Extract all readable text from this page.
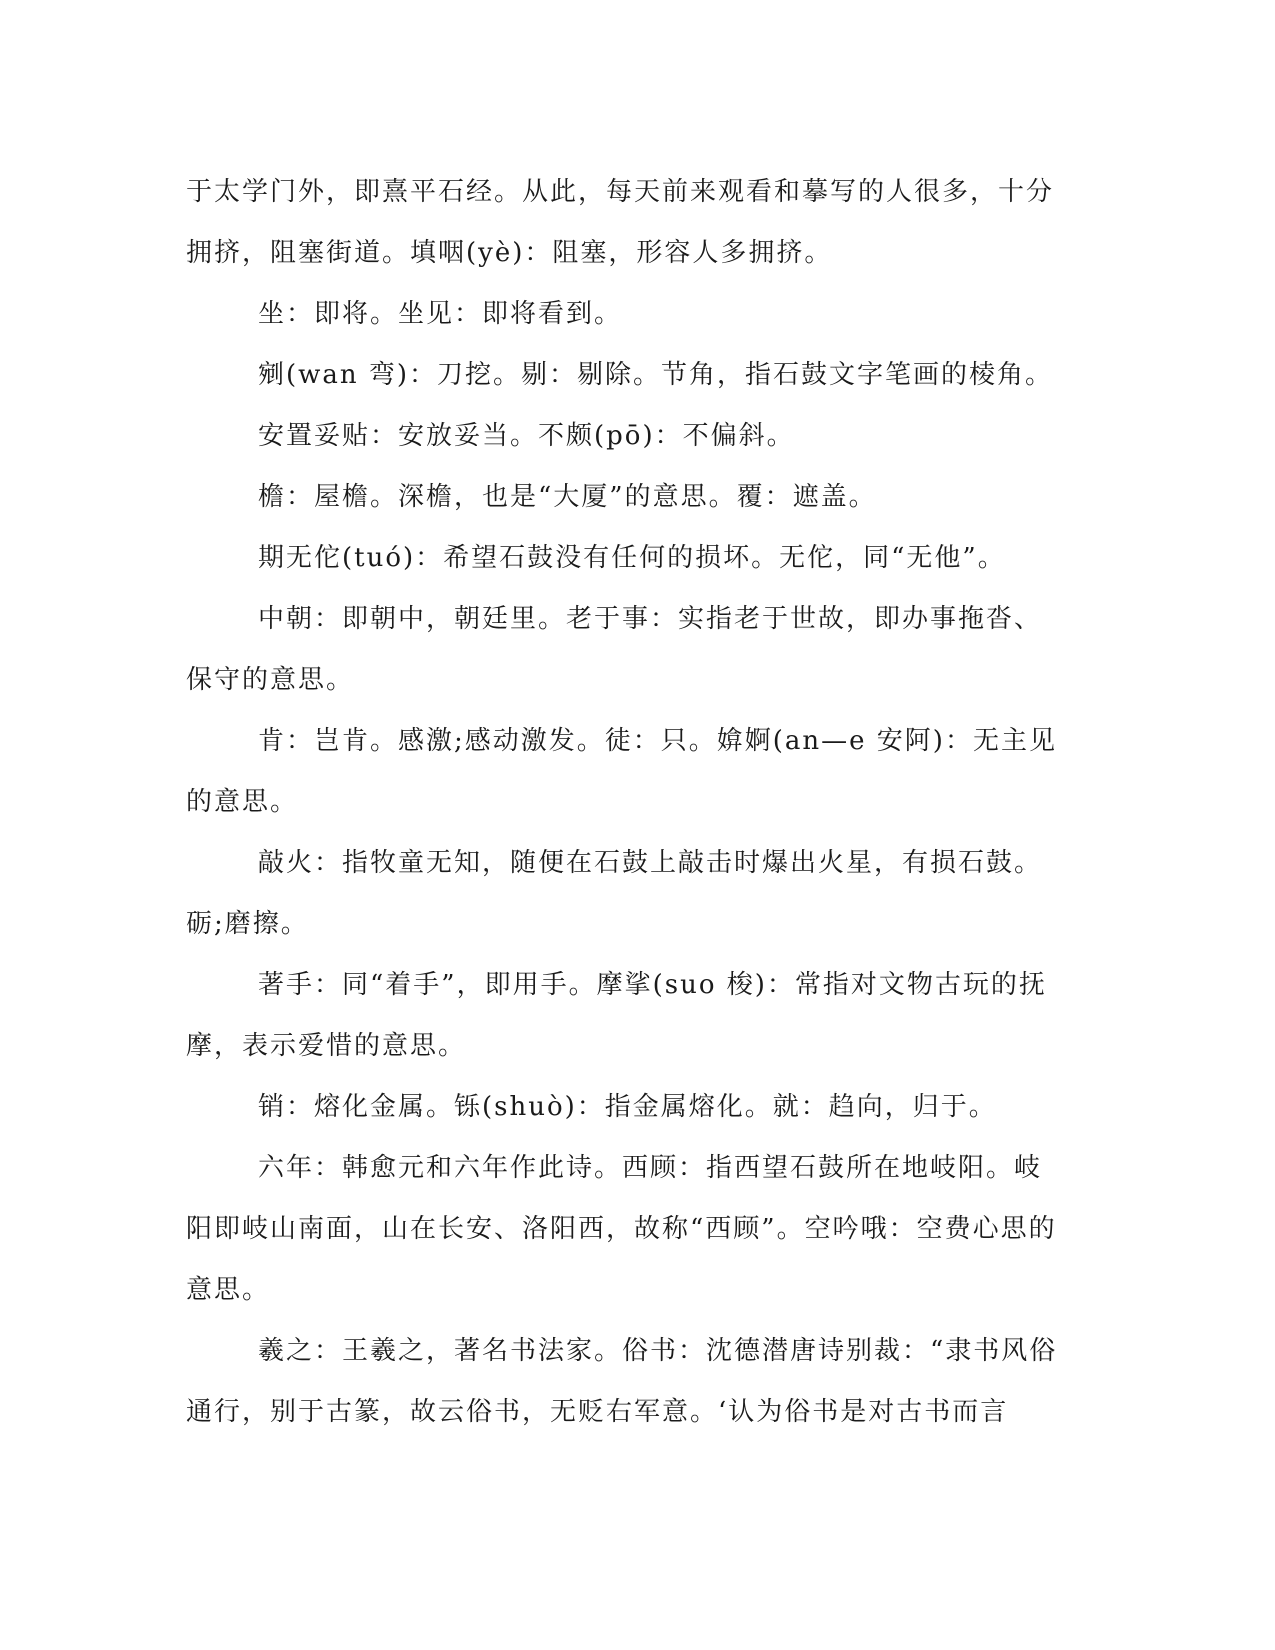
于太学门外，即熹平石经。从此，每天前来观看和摹写的人很多，十分拥挤，阻塞街道。填咽(yè)：阻塞，形容人多拥挤。

坐：即将。坐见：即将看到。

剜(wan 弯)：刀挖。剔：剔除。节角，指石鼓文字笔画的棱角。

安置妥贴：安放妥当。不颇(pō)：不偏斜。

檐：屋檐。深檐，也是“大厦”的意思。覆：遮盖。

期无佗(tuó)：希望石鼓没有任何的损坏。无佗，同“无他”。

中朝：即朝中，朝廷里。老于事：实指老于世故，即办事拖沓、保守的意思。

肯：岂肯。感激;感动激发。徒：只。媕婀(an—e 安阿)：无主见的意思。

敲火：指牧童无知，随便在石鼓上敲击时爆出火星，有损石鼓。砺;磨擦。

著手：同“着手”，即用手。摩挲(suo 梭)：常指对文物古玩的抚摩，表示爱惜的意思。

销：熔化金属。铄(shuò)：指金属熔化。就：趋向，归于。

六年：韩愈元和六年作此诗。西顾：指西望石鼓所在地岐阳。岐阳即岐山南面，山在长安、洛阳西，故称“西顾”。空吟哦：空费心思的意思。

羲之：王羲之，著名书法家。俗书：沈德潜唐诗别裁：“隶书风俗通行，别于古篆，故云俗书，无贬右军意。‘认为俗书是对古书而言
